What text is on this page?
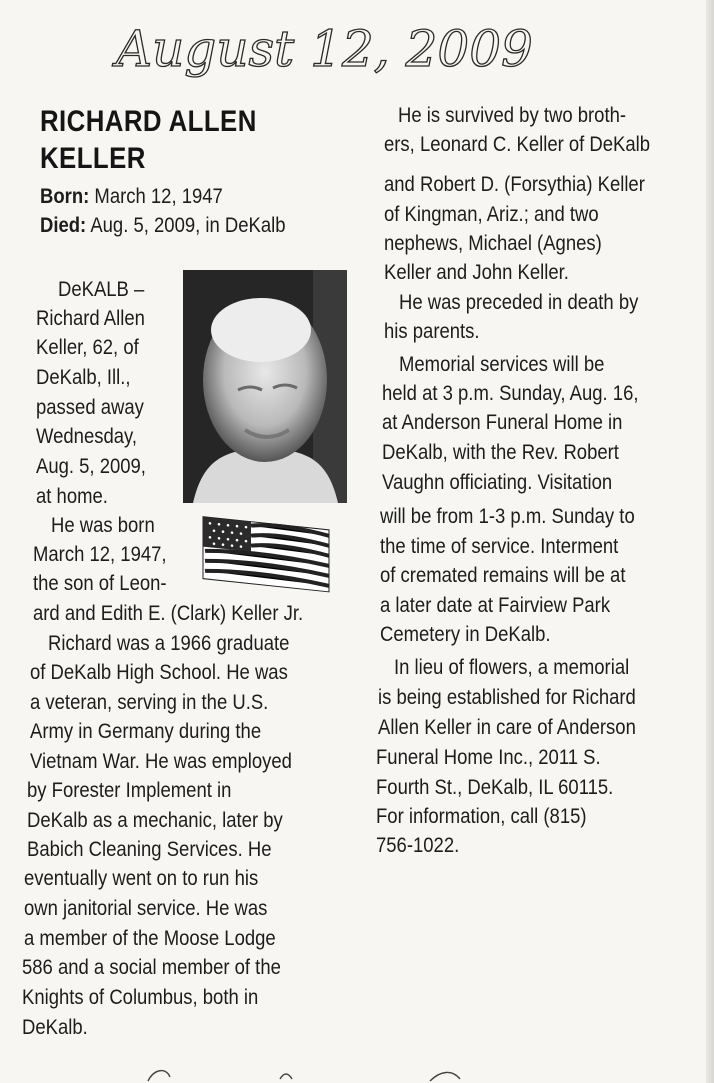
August 12, 2009
RICHARD ALLEN
KELLER
Born: March 12, 1947
Died: Aug. 5, 2009, in DeKalb
DeKALB –
Richard Allen
Keller, 62, of
DeKalb, Ill.,
passed away
Wednesday,
Aug. 5, 2009,
at home.
He was born
March 12, 1947,
the son of Leon-
ard and Edith E. (Clark) Keller Jr.
Richard was a 1966 graduate
of DeKalb High School. He was
a veteran, serving in the U.S.
Army in Germany during the
Vietnam War. He was employed
by Forester Implement in
DeKalb as a mechanic, later by
Babich Cleaning Services. He
eventually went on to run his
own janitorial service. He was
a member of the Moose Lodge
586 and a social member of the
Knights of Columbus, both in
DeKalb.
He is survived by two broth-
ers, Leonard C. Keller of DeKalb
and Robert D. (Forsythia) Keller
of Kingman, Ariz.; and two
nephews, Michael (Agnes)
Keller and John Keller.
He was preceded in death by
his parents.
Memorial services will be
held at 3 p.m. Sunday, Aug. 16,
at Anderson Funeral Home in
DeKalb, with the Rev. Robert
Vaughn officiating. Visitation
will be from 1-3 p.m. Sunday to
the time of service. Interment
of cremated remains will be at
a later date at Fairview Park
Cemetery in DeKalb.
In lieu of flowers, a memorial
is being established for Richard
Allen Keller in care of Anderson
Funeral Home Inc., 2011 S.
Fourth St., DeKalb, IL 60115.
For information, call (815)
756-1022.
